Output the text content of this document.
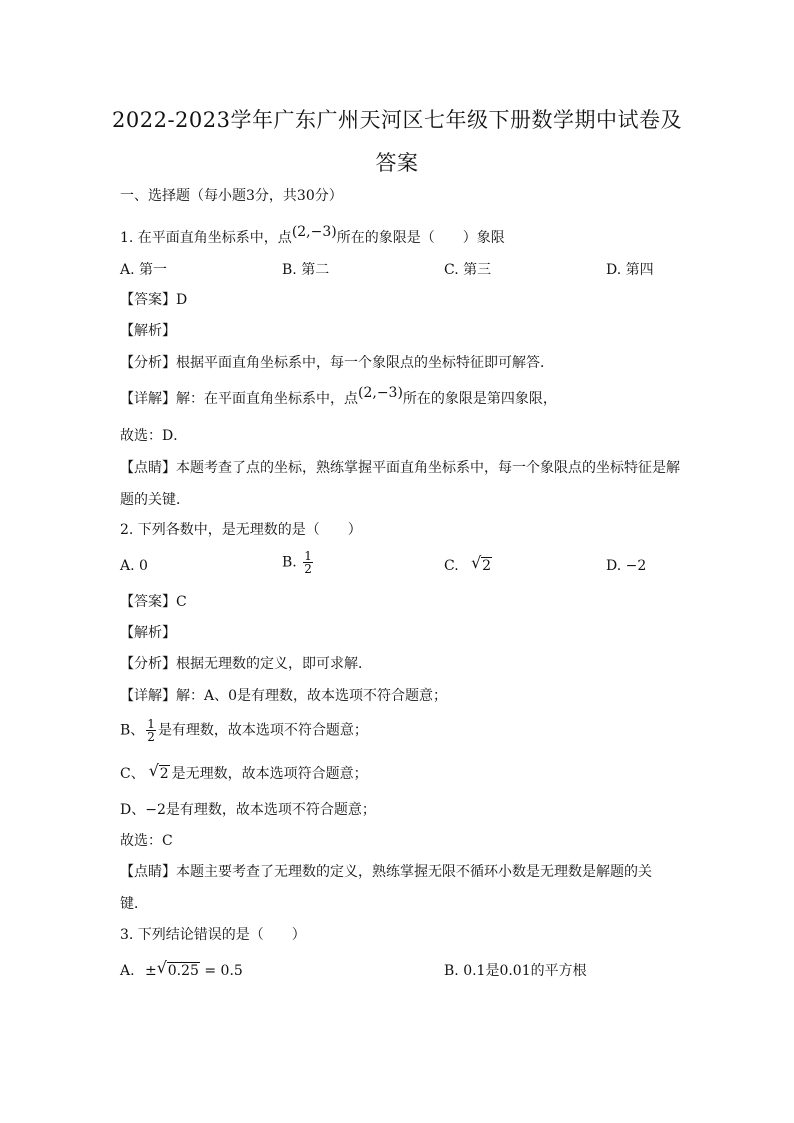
2022-2023学年广东广州天河区七年级下册数学期中试卷及
答案
一、选择题（每小题3分，共30分）
1. 在平面直角坐标系中，点(2,−3)所在的象限是（　　）象限
A. 第一	B. 第二	C. 第三	D. 第四
【答案】D
【解析】
【分析】根据平面直角坐标系中，每一个象限点的坐标特征即可解答．
【详解】解：在平面直角坐标系中，点(2,−3)所在的象限是第四象限，
故选：D．
【点睛】本题考查了点的坐标，熟练掌握平面直角坐标系中，每一个象限点的坐标特征是解
题的关键．
2. 下列各数中，是无理数的是（　　）
A. 0	B. $\frac{1}{2}$	C. √ 2	D. −2
【答案】C
【解析】
【分析】根据无理数的定义，即可求解．
【详解】解：A、0是有理数，故本选项不符合题意；
B、 $\frac{1}{2}$ 是有理数，故本选项不符合题意；
C、 √ 2 是无理数，故本选项符合题意；
D、−2是有理数，故本选项不符合题意；
故选：C
【点睛】本题主要考查了无理数的定义，熟练掌握无限不循环小数是无理数是解题的关
键．
3. 下列结论错误的是（　　）
A. ± √ 0.25 = 0.5	B. 0.1是0.01的平方根
